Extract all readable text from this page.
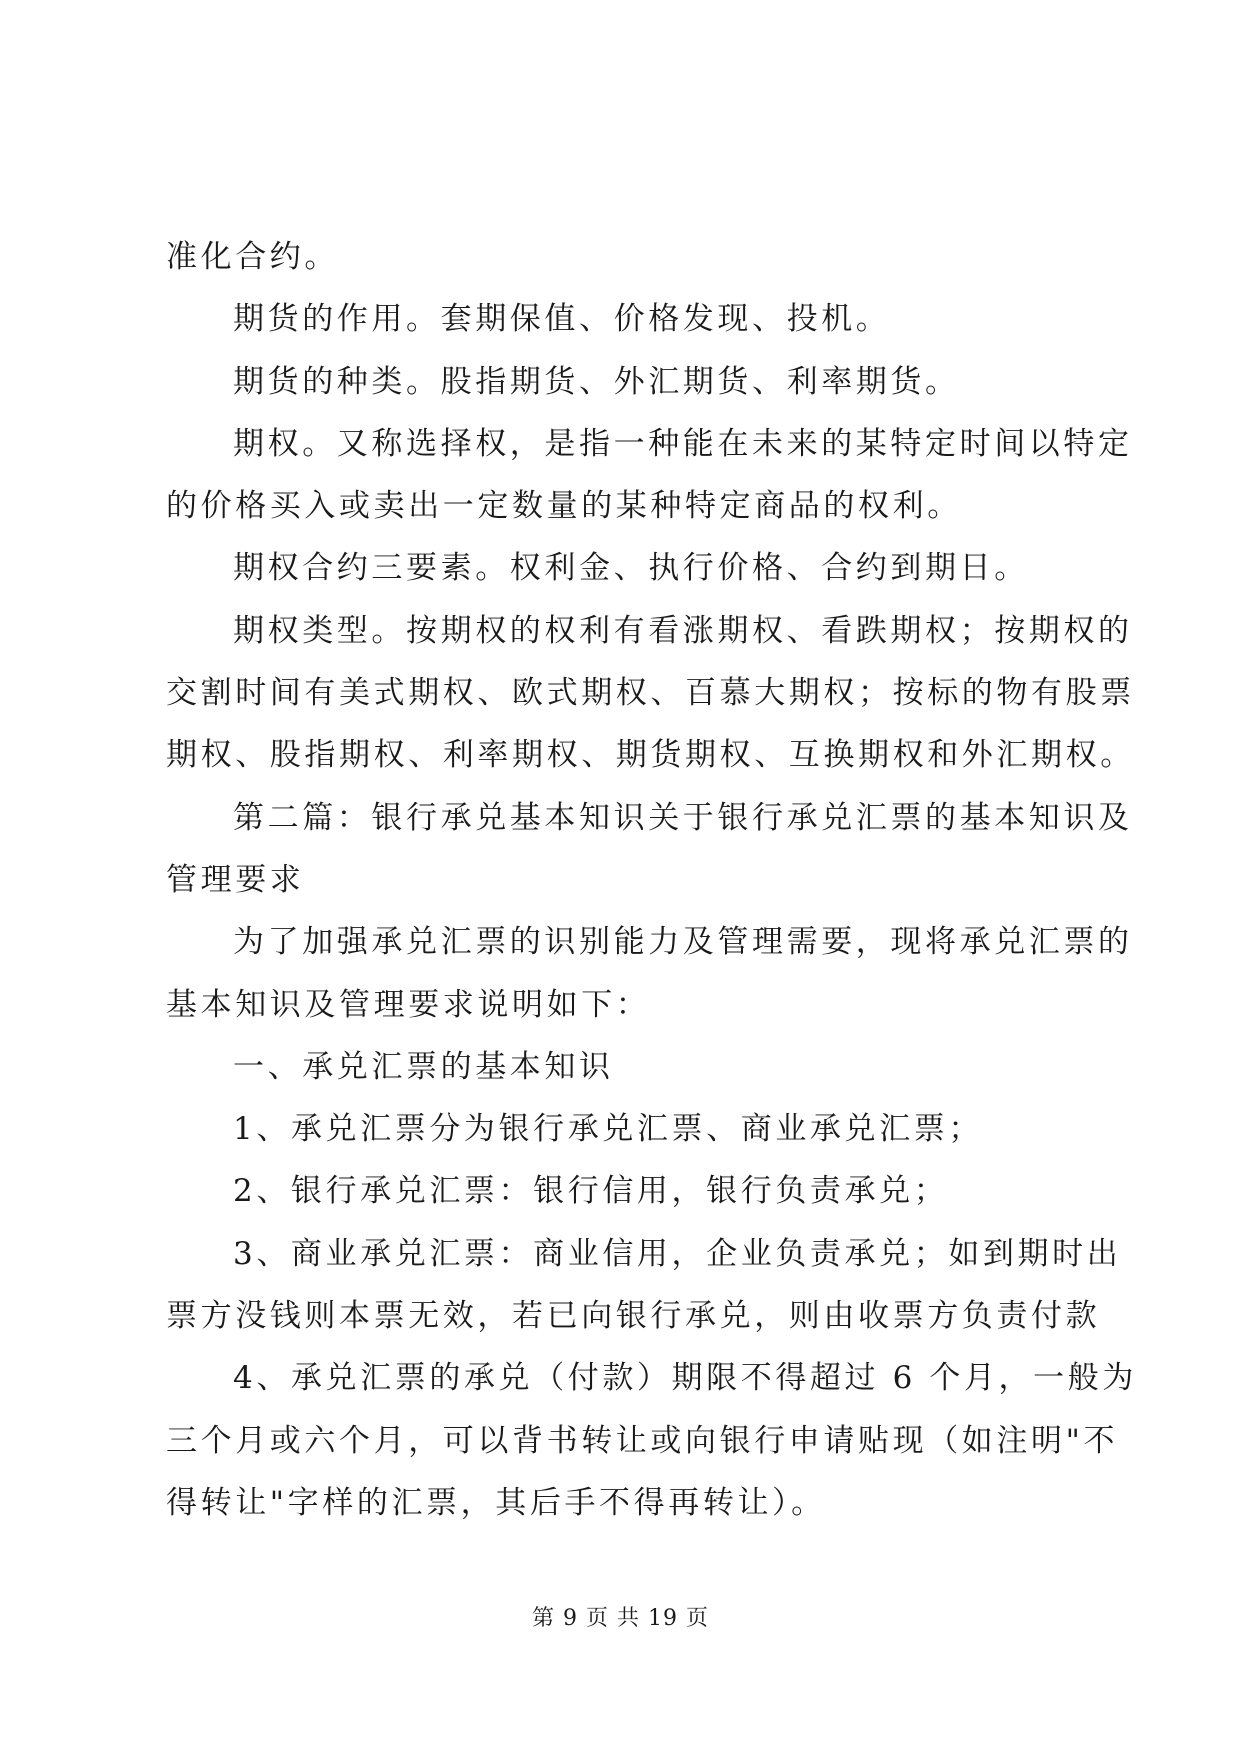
准化合约。
期货的作用。套期保值、价格发现、投机。
期货的种类。股指期货、外汇期货、利率期货。
期权。又称选择权，是指一种能在未来的某特定时间以特定
的价格买入或卖出一定数量的某种特定商品的权利。
期权合约三要素。权利金、执行价格、合约到期日。
期权类型。按期权的权利有看涨期权、看跌期权；按期权的
交割时间有美式期权、欧式期权、百慕大期权；按标的物有股票
期权、股指期权、利率期权、期货期权、互换期权和外汇期权。
第二篇：银行承兑基本知识关于银行承兑汇票的基本知识及
管理要求
为了加强承兑汇票的识别能力及管理需要，现将承兑汇票的
基本知识及管理要求说明如下：
一、承兑汇票的基本知识
1、承兑汇票分为银行承兑汇票、商业承兑汇票；
2、银行承兑汇票：银行信用，银行负责承兑；
3、商业承兑汇票：商业信用，企业负责承兑；如到期时出
票方没钱则本票无效，若已向银行承兑，则由收票方负责付款
4、承兑汇票的承兑（付款）期限不得超过 6 个月，一般为
三个月或六个月，可以背书转让或向银行申请贴现（如注明"不
得转让"字样的汇票，其后手不得再转让）。
第 9 页 共 19 页
